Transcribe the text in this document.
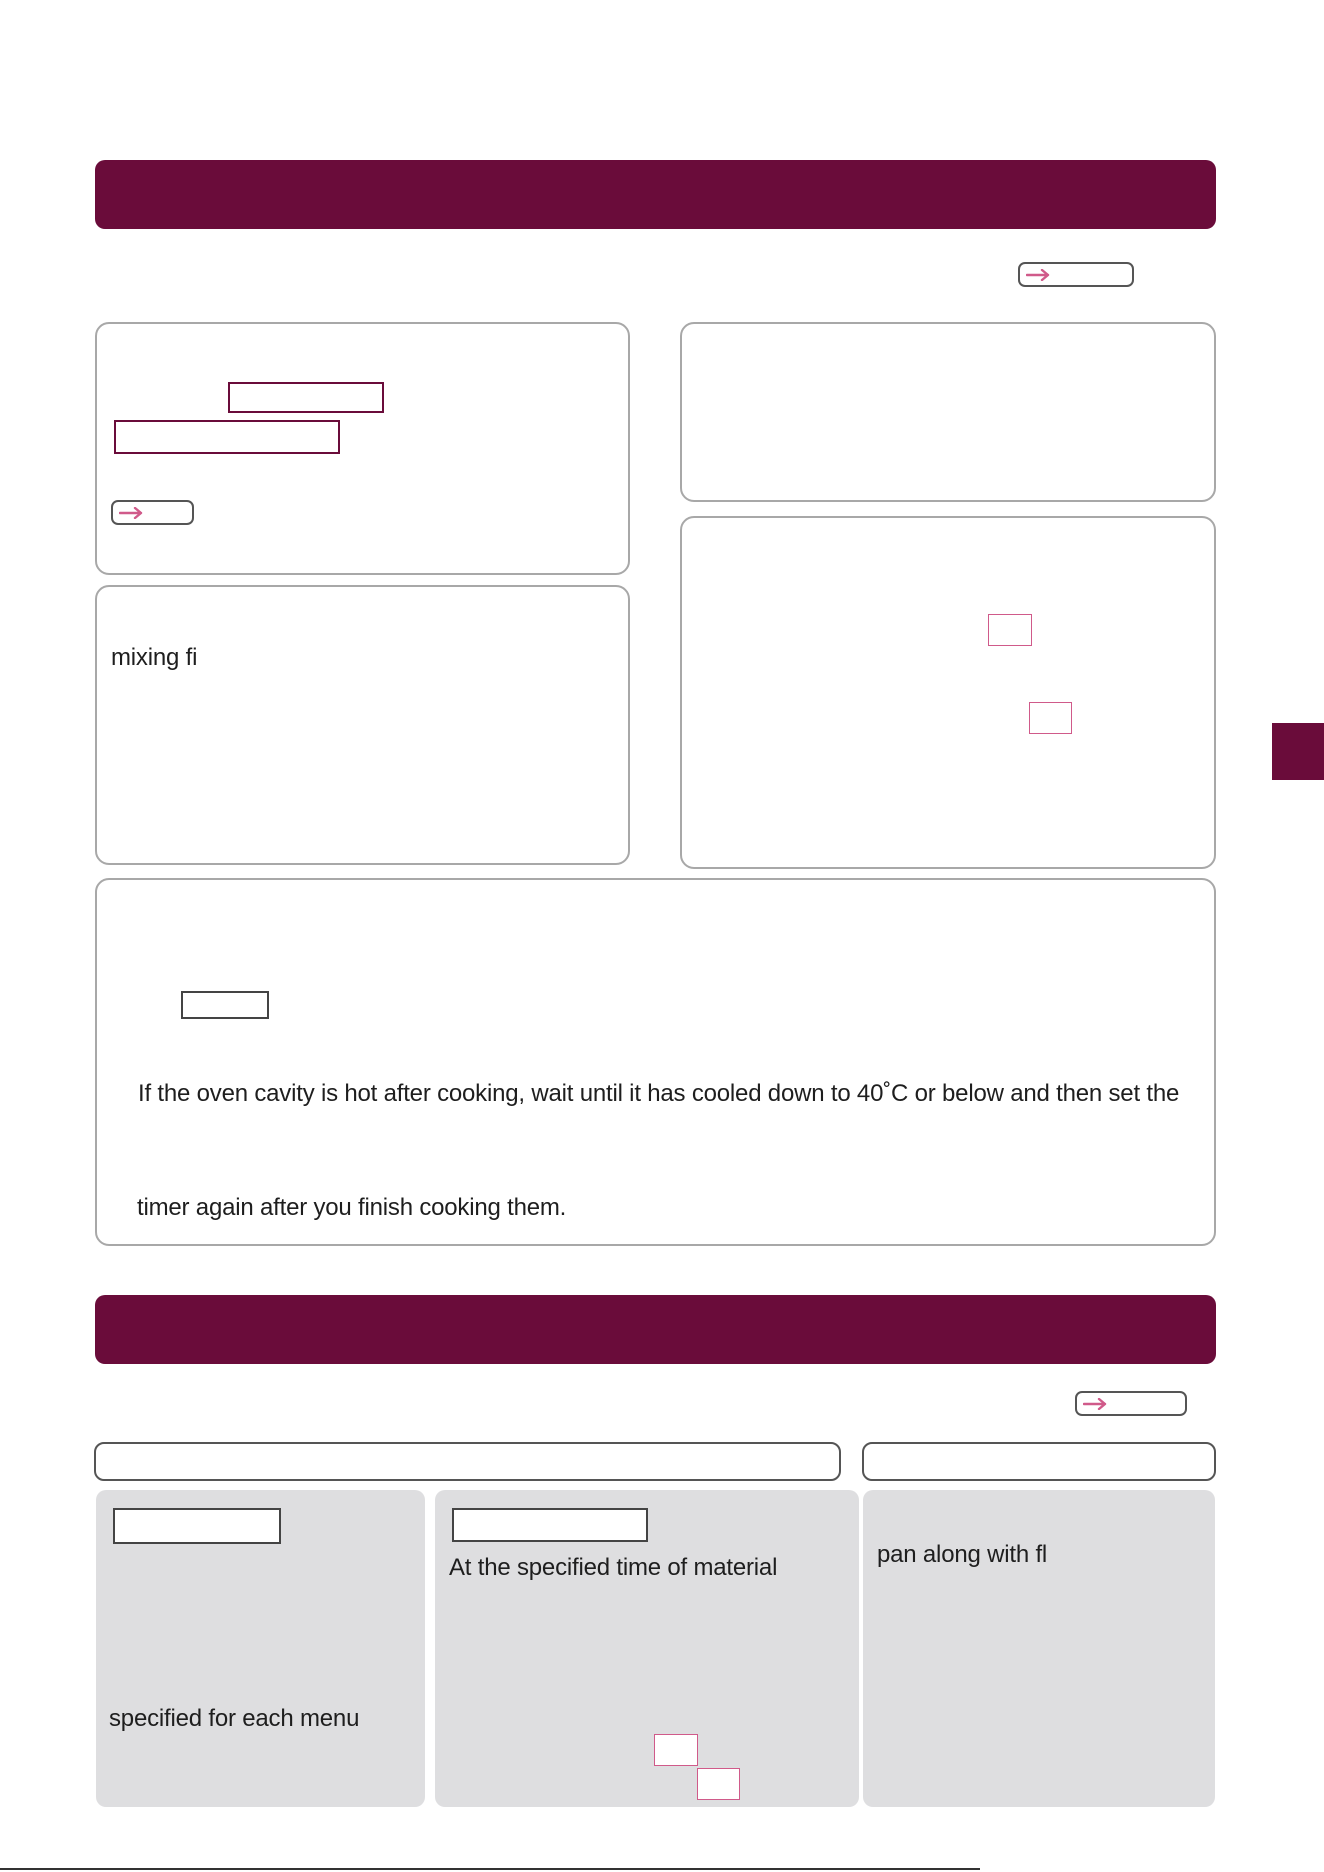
mixing fi
If the oven cavity is hot after cooking, wait until it has cooled down to 40˚C or below and then set the
timer again after you finish cooking them.
specified for each menu
At the specified time of material	pan along with fl
